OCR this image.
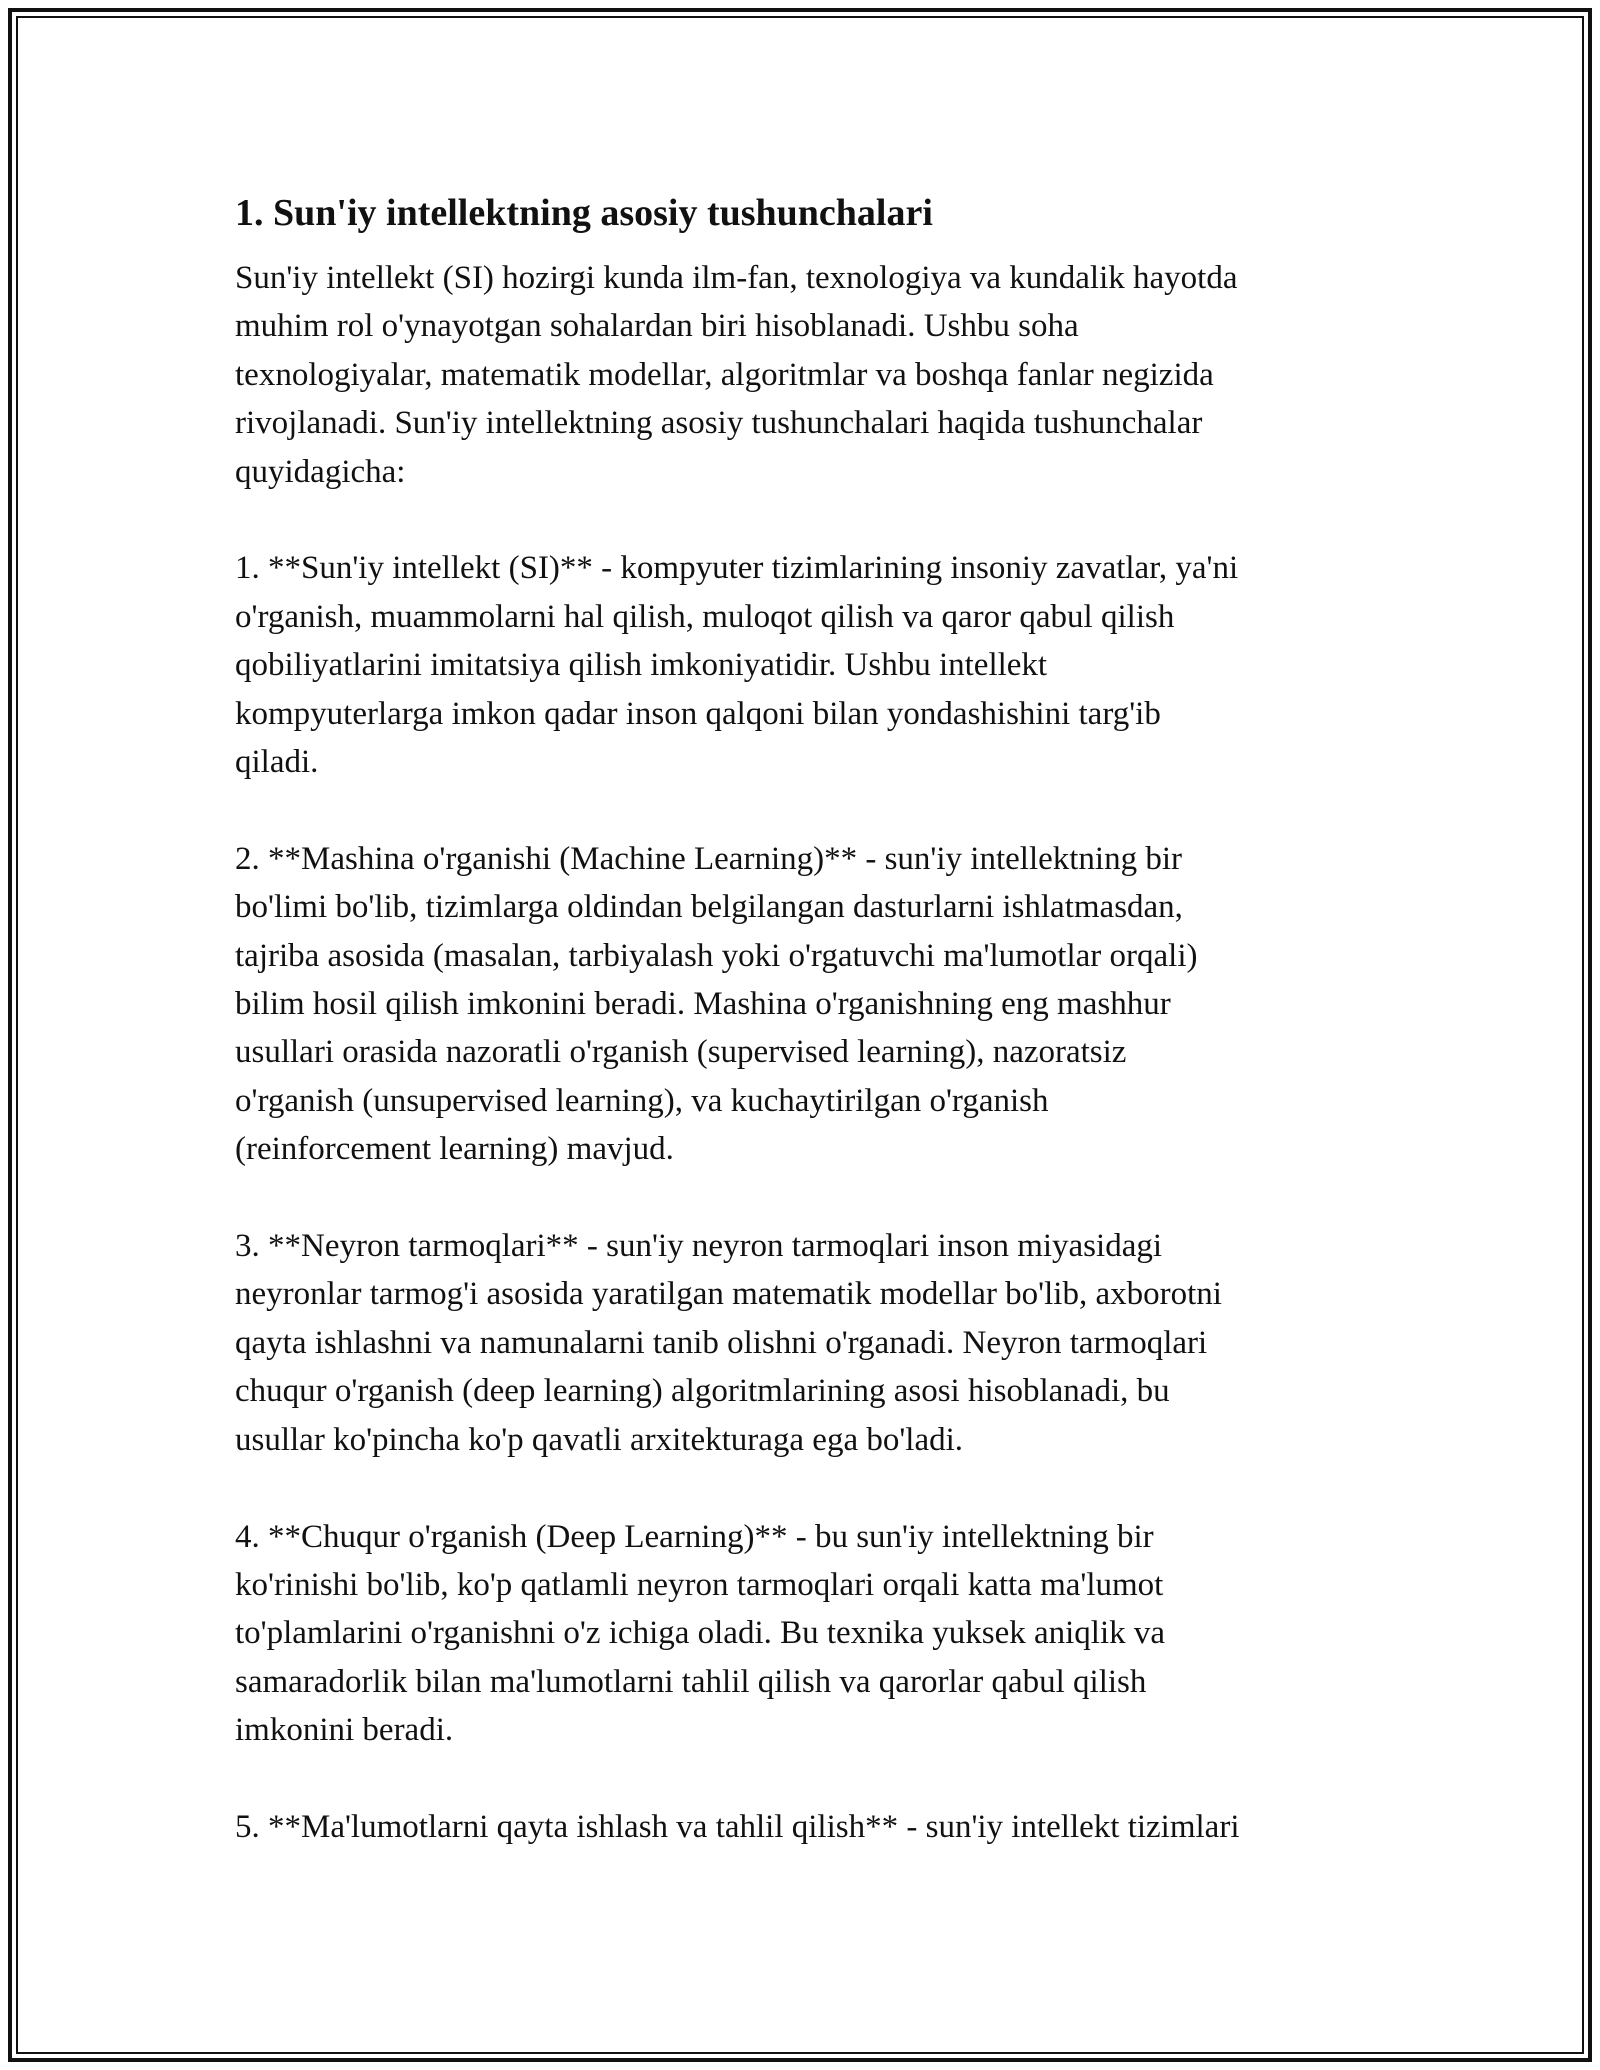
1. Sun'iy intellektning asosiy tushunchalari

Sun'iy intellekt (SI) hozirgi kunda ilm-fan, texnologiya va kundalik hayotda
muhim rol o'ynayotgan sohalardan biri hisoblanadi. Ushbu soha
texnologiyalar, matematik modellar, algoritmlar va boshqa fanlar negizida
rivojlanadi. Sun'iy intellektning asosiy tushunchalari haqida tushunchalar
quyidagicha:

1. **Sun'iy intellekt (SI)** - kompyuter tizimlarining insoniy zavatlar, ya'ni
o'rganish, muammolarni hal qilish, muloqot qilish va qaror qabul qilish
qobiliyatlarini imitatsiya qilish imkoniyatidir. Ushbu intellekt
kompyuterlarga imkon qadar inson qalqoni bilan yondashishini targ'ib
qiladi.

2. **Mashina o'rganishi (Machine Learning)** - sun'iy intellektning bir
bo'limi bo'lib, tizimlarga oldindan belgilangan dasturlarni ishlatmasdan,
tajriba asosida (masalan, tarbiyalash yoki o'rgatuvchi ma'lumotlar orqali)
bilim hosil qilish imkonini beradi. Mashina o'rganishning eng mashhur
usullari orasida nazoratli o'rganish (supervised learning), nazoratsiz
o'rganish (unsupervised learning), va kuchaytirilgan o'rganish
(reinforcement learning) mavjud.

3. **Neyron tarmoqlari** - sun'iy neyron tarmoqlari inson miyasidagi
neyronlar tarmog'i asosida yaratilgan matematik modellar bo'lib, axborotni
qayta ishlashni va namunalarni tanib olishni o'rganadi. Neyron tarmoqlari
chuqur o'rganish (deep learning) algoritmlarining asosi hisoblanadi, bu
usullar ko'pincha ko'p qavatli arxitekturaga ega bo'ladi.

4. **Chuqur o'rganish (Deep Learning)** - bu sun'iy intellektning bir
ko'rinishi bo'lib, ko'p qatlamli neyron tarmoqlari orqali katta ma'lumot
to'plamlarini o'rganishni o'z ichiga oladi. Bu texnika yuksek aniqlik va
samaradorlik bilan ma'lumotlarni tahlil qilish va qarorlar qabul qilish
imkonini beradi.

5. **Ma'lumotlarni qayta ishlash va tahlil qilish** - sun'iy intellekt tizimlari
